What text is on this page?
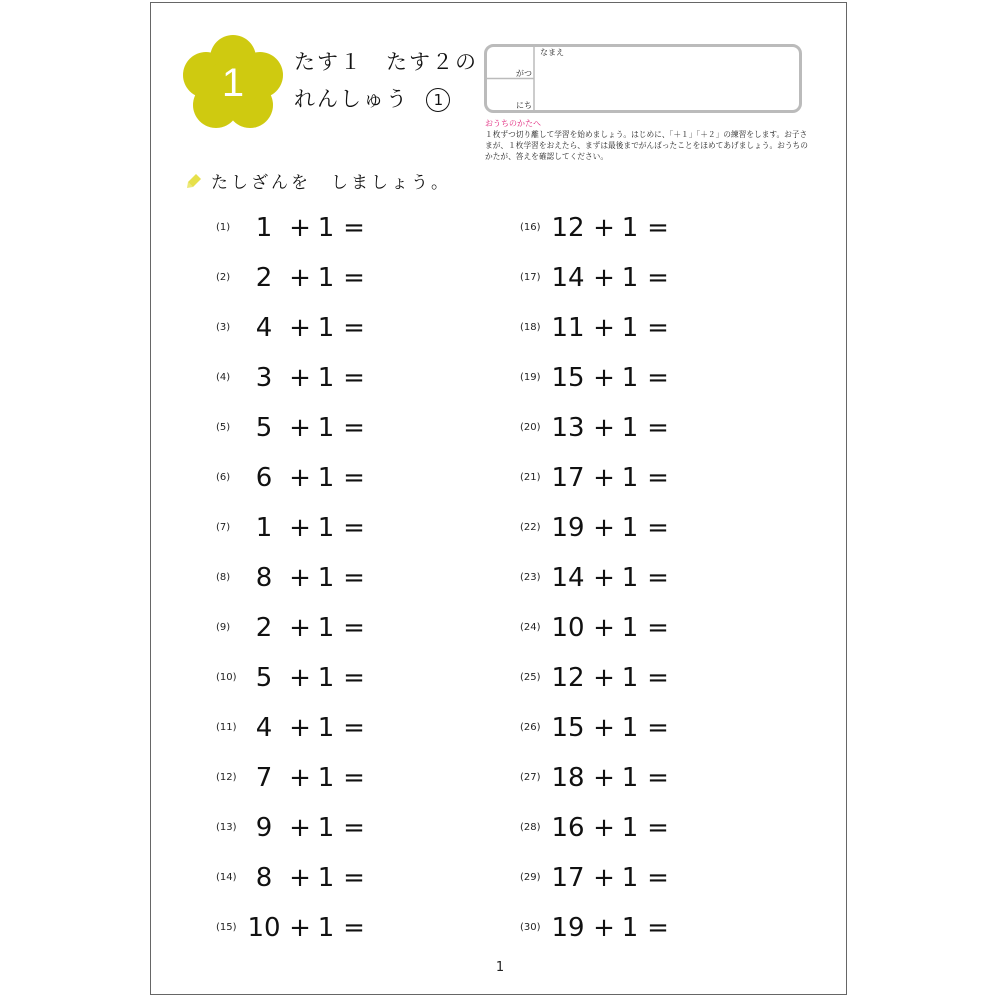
1 たす１　たす２の
れんしゅう 1
なまえ
がつ
にち
おうちのかたへ
１枚ずつ切り離して学習を始めましょう。はじめに、「＋１」「＋２」の練習をします。お子さまが、１枚学習をおえたら、まずは最後までがんばったことをほめてあげましょう。おうちのかたが、答えを確認してください。
たしざんを　しましょう。
(1) 1 + 1 =
(2) 2 + 1 =
(3) 4 + 1 =
(4) 3 + 1 =
(5) 5 + 1 =
(6) 6 + 1 =
(7) 1 + 1 =
(8) 8 + 1 =
(9) 2 + 1 =
(10) 5 + 1 =
(11) 4 + 1 =
(12) 7 + 1 =
(13) 9 + 1 =
(14) 8 + 1 =
(15) 10 + 1 =
(16) 12 + 1 =
(17) 14 + 1 =
(18) 11 + 1 =
(19) 15 + 1 =
(20) 13 + 1 =
(21) 17 + 1 =
(22) 19 + 1 =
(23) 14 + 1 =
(24) 10 + 1 =
(25) 12 + 1 =
(26) 15 + 1 =
(27) 18 + 1 =
(28) 16 + 1 =
(29) 17 + 1 =
(30) 19 + 1 =
1
